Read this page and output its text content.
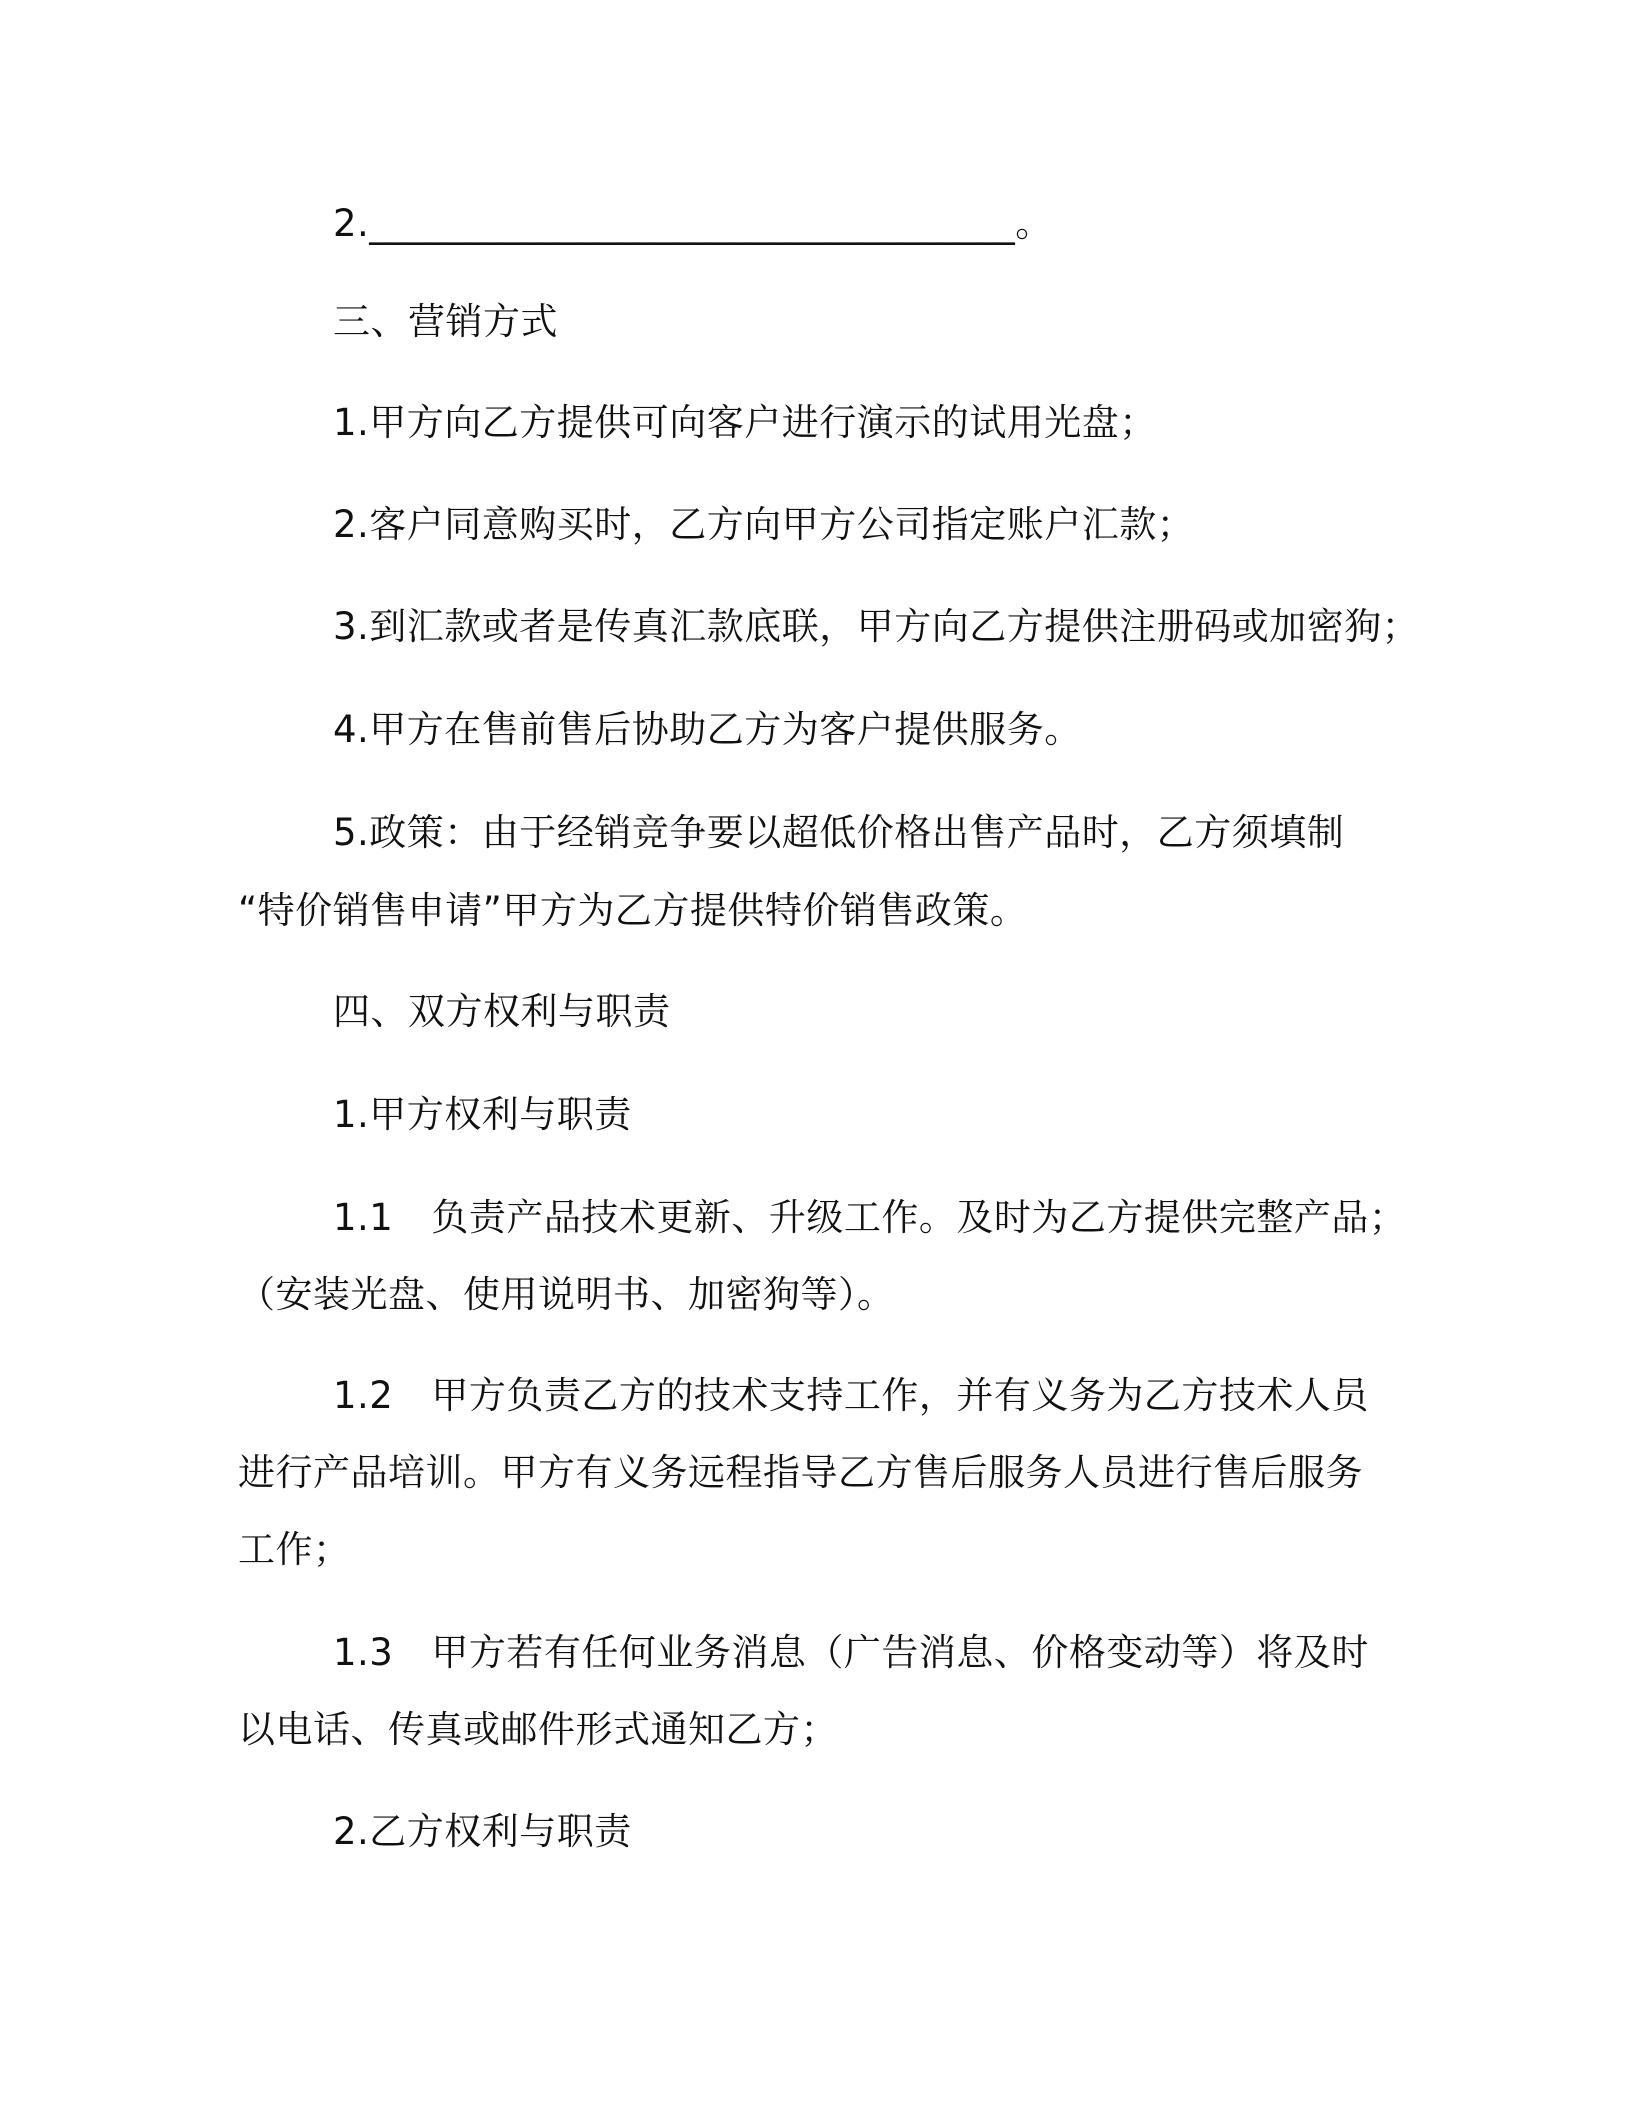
2.__________________________________。
三、营销方式
1.甲方向乙方提供可向客户进行演示的试用光盘；
2.客户同意购买时，乙方向甲方公司指定账户汇款；
3.到汇款或者是传真汇款底联，甲方向乙方提供注册码或加密狗；
4.甲方在售前售后协助乙方为客户提供服务。
5.政策：由于经销竞争要以超低价格出售产品时，乙方须填制
“特价销售申请”甲方为乙方提供特价销售政策。
四、双方权利与职责
1.甲方权利与职责
1.1 负责产品技术更新、升级工作。及时为乙方提供完整产品；
（安装光盘、使用说明书、加密狗等）。
1.2 甲方负责乙方的技术支持工作，并有义务为乙方技术人员
进行产品培训。甲方有义务远程指导乙方售后服务人员进行售后服务
工作；
1.3 甲方若有任何业务消息（广告消息、价格变动等）将及时
以电话、传真或邮件形式通知乙方；
2.乙方权利与职责
